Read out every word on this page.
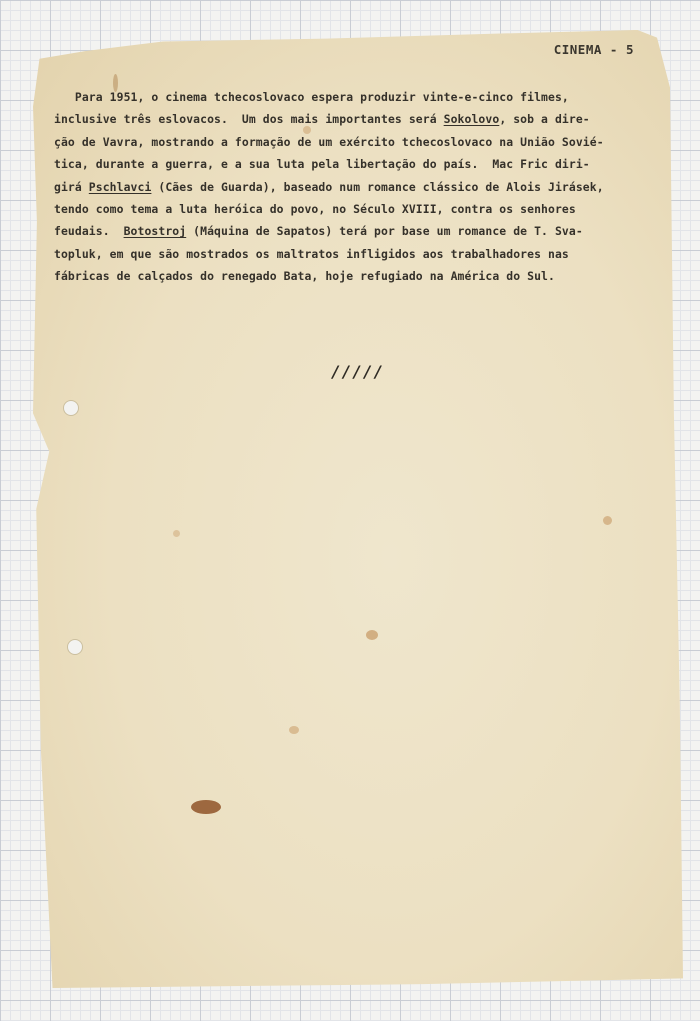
CINEMA - 5
Para 1951, o cinema tchecoslovaco espera produzir vinte-e-cinco filmes,
inclusive três eslovacos.  Um dos mais importantes será Sokolovo, sob a dire-
ção de Vavra, mostrando a formação de um exército tchecoslovaco na União Sovié-
tica, durante a guerra, e a sua luta pela libertação do país.  Mac Fric diri-
girá Pschlavci (Cães de Guarda), baseado num romance clássico de Alois Jirásek,
tendo como tema a luta heróica do povo, no Século XVIII, contra os senhores
feudais.  Botostroj (Máquina de Sapatos) terá por base um romance de T. Sva-
topluk, em que são mostrados os maltratos infligidos aos trabalhadores nas
fábricas de calçados do renegado Bata, hoje refugiado na América do Sul.
/////
